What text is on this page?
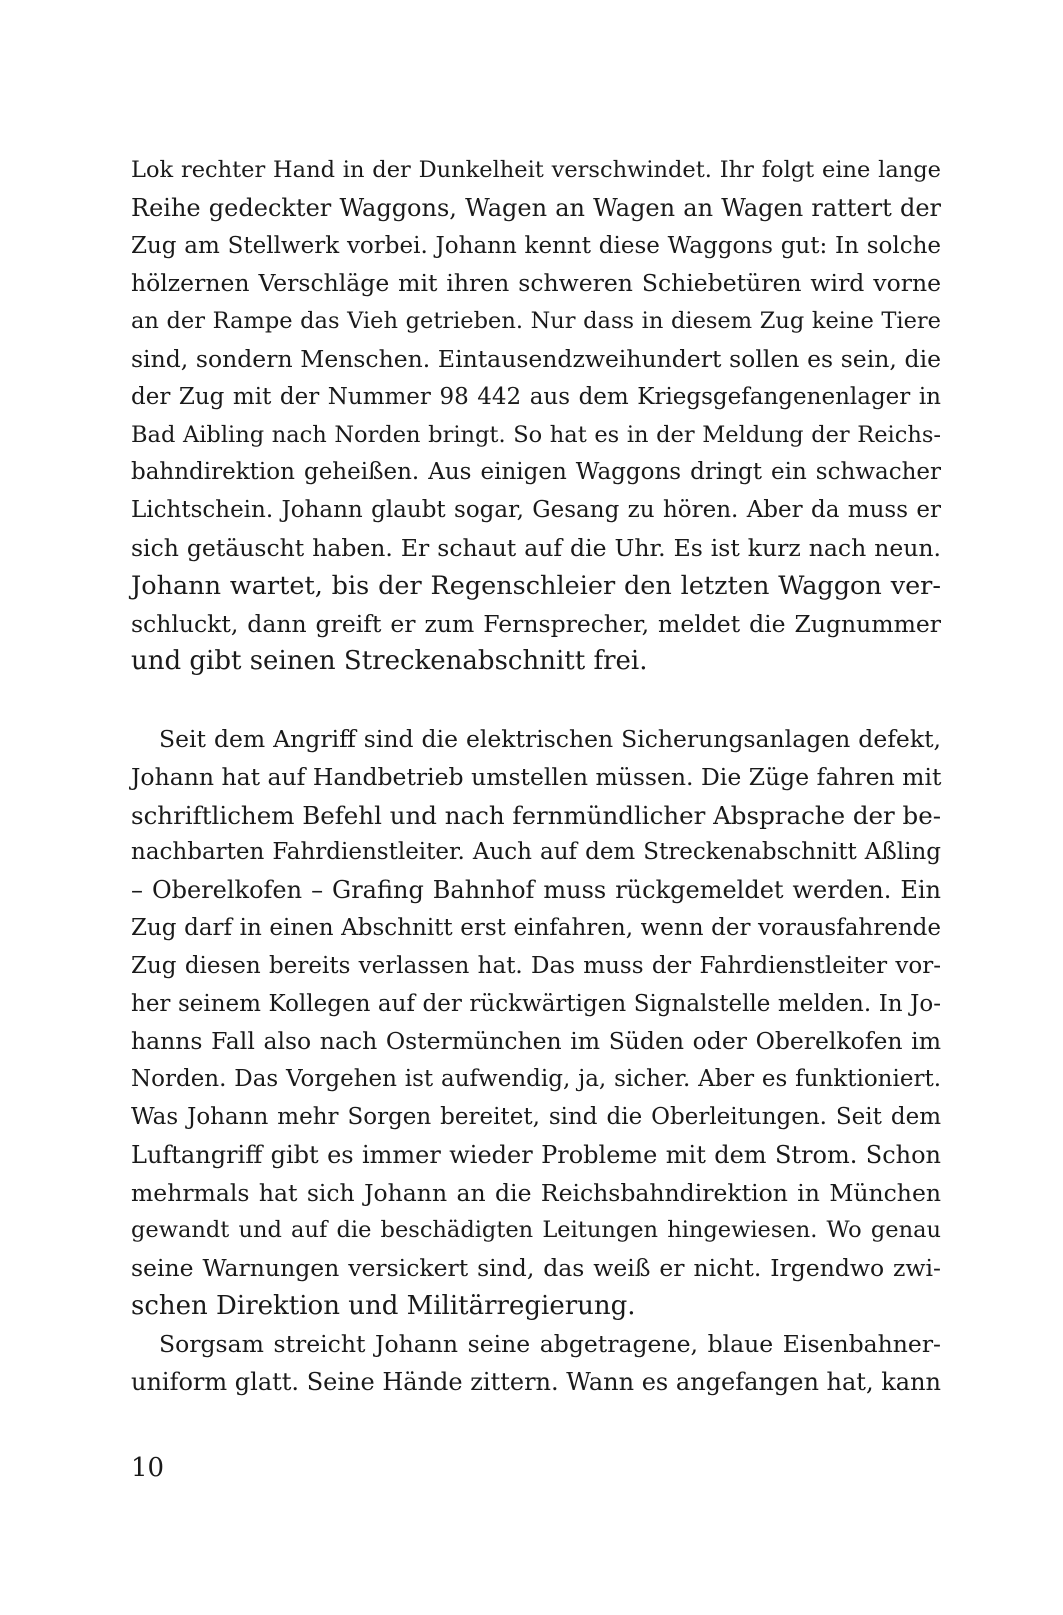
Lok rechter Hand in der Dunkelheit verschwindet. Ihr folgt eine lange
Reihe gedeckter Waggons, Wagen an Wagen an Wagen rattert der
Zug am Stellwerk vorbei. Johann kennt diese Waggons gut: In solche
hölzernen Verschläge mit ihren schweren Schiebetüren wird vorne
an der Rampe das Vieh getrieben. Nur dass in diesem Zug keine Tiere
sind, sondern Menschen. Eintausendzweihundert sollen es sein, die
der Zug mit der Nummer 98 442 aus dem Kriegsgefangenenlager in
Bad Aibling nach Norden bringt. So hat es in der Meldung der Reichs-
bahndirektion geheißen. Aus einigen Waggons dringt ein schwacher
Lichtschein. Johann glaubt sogar, Gesang zu hören. Aber da muss er
sich getäuscht haben. Er schaut auf die Uhr. Es ist kurz nach neun.
Johann wartet, bis der Regenschleier den letzten Waggon ver-
schluckt, dann greift er zum Fernsprecher, meldet die Zugnummer
und gibt seinen Streckenabschnitt frei.
Seit dem Angriff sind die elektrischen Sicherungsanlagen defekt,
Johann hat auf Handbetrieb umstellen müssen. Die Züge fahren mit
schriftlichem Befehl und nach fernmündlicher Absprache der be-
nachbarten Fahrdienstleiter. Auch auf dem Streckenabschnitt Aßling
– Oberelkofen – Grafing Bahnhof muss rückgemeldet werden. Ein
Zug darf in einen Abschnitt erst einfahren, wenn der vorausfahrende
Zug diesen bereits verlassen hat. Das muss der Fahrdienstleiter vor-
her seinem Kollegen auf der rückwärtigen Signalstelle melden. In Jo-
hanns Fall also nach Ostermünchen im Süden oder Oberelkofen im
Norden. Das Vorgehen ist aufwendig, ja, sicher. Aber es funktioniert.
Was Johann mehr Sorgen bereitet, sind die Oberleitungen. Seit dem
Luftangriff gibt es immer wieder Probleme mit dem Strom. Schon
mehrmals hat sich Johann an die Reichsbahndirektion in München
gewandt und auf die beschädigten Leitungen hingewiesen. Wo genau
seine Warnungen versickert sind, das weiß er nicht. Irgendwo zwi-
schen Direktion und Militärregierung.
Sorgsam streicht Johann seine abgetragene, blaue Eisenbahner-
uniform glatt. Seine Hände zittern. Wann es angefangen hat, kann
10
